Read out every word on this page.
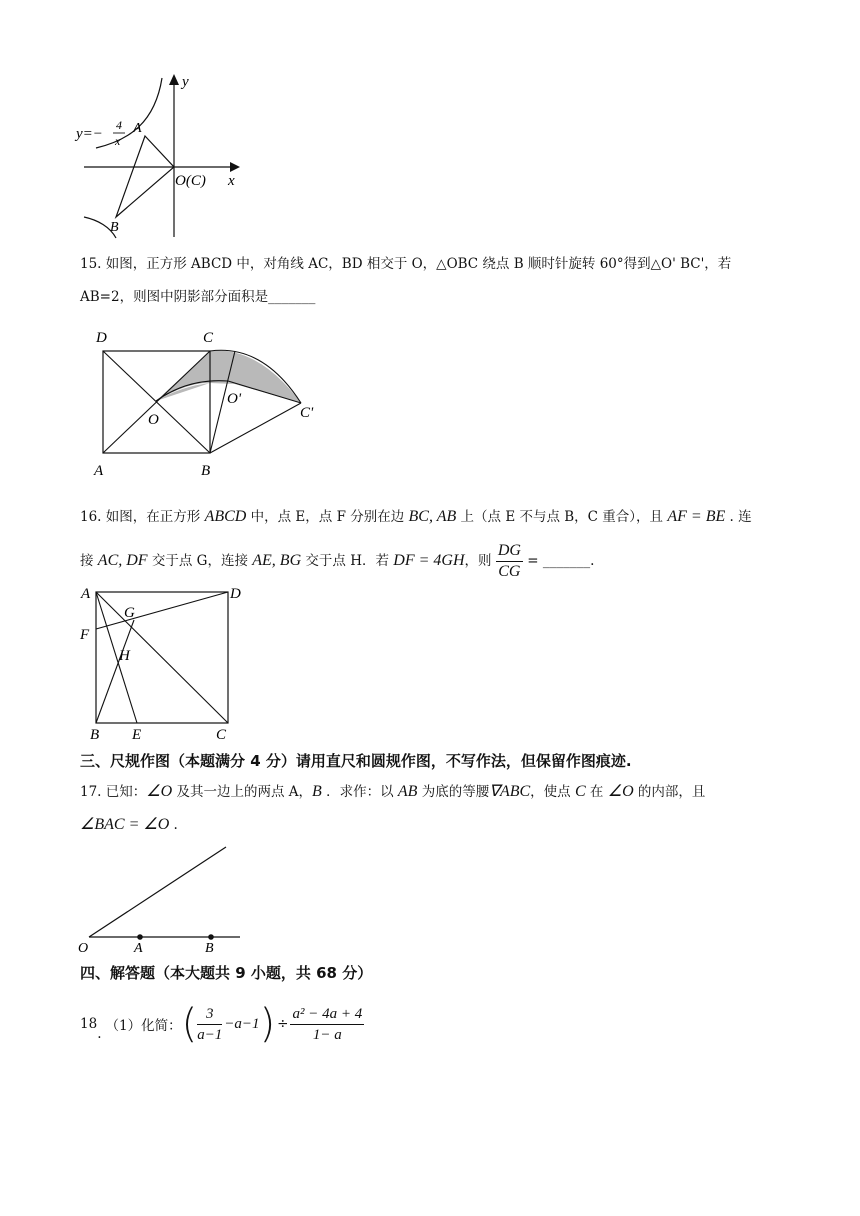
y
x
y=−
4
x
A
B
O(C)
15. 如图，正方形 ABCD 中，对角线 AC，BD 相交于 O，△OBC 绕点 B 顺时针旋转 60°得到△O' BC'，若
AB=2，则图中阴影部分面积是_______
D	C
O
O'
C'
A	B
16. 如图，在正方形 ABCD 中，点 E，点 F 分别在边 BC, AB 上（点 E 不与点 B，C 重合），且 AF = BE . 连
接 AC, DF 交于点 G，连接 AE, BG 交于点 H．若 DF = 4GH，则 $\frac{DG}{CG}$ = _______.
A	D
G
F
H
B E	C
三、尺规作图（本题满分 4 分）请用直尺和圆规作图，不写作法，但保留作图痕迹.
17. 已知：∠O 及其一边上的两点 A，B ．求作：以 AB 为底的等腰∇ABC，使点 C 在 ∠O 的内部，且
∠BAC = ∠O .
O	A	B
四、解答题（本大题共 9 小题，共 68 分）
18
. （1）化简： ( $\frac{3}{a-1} -a-1$ ) ÷ $\frac{\text{a² − 4a + 4}}{1- a}$
